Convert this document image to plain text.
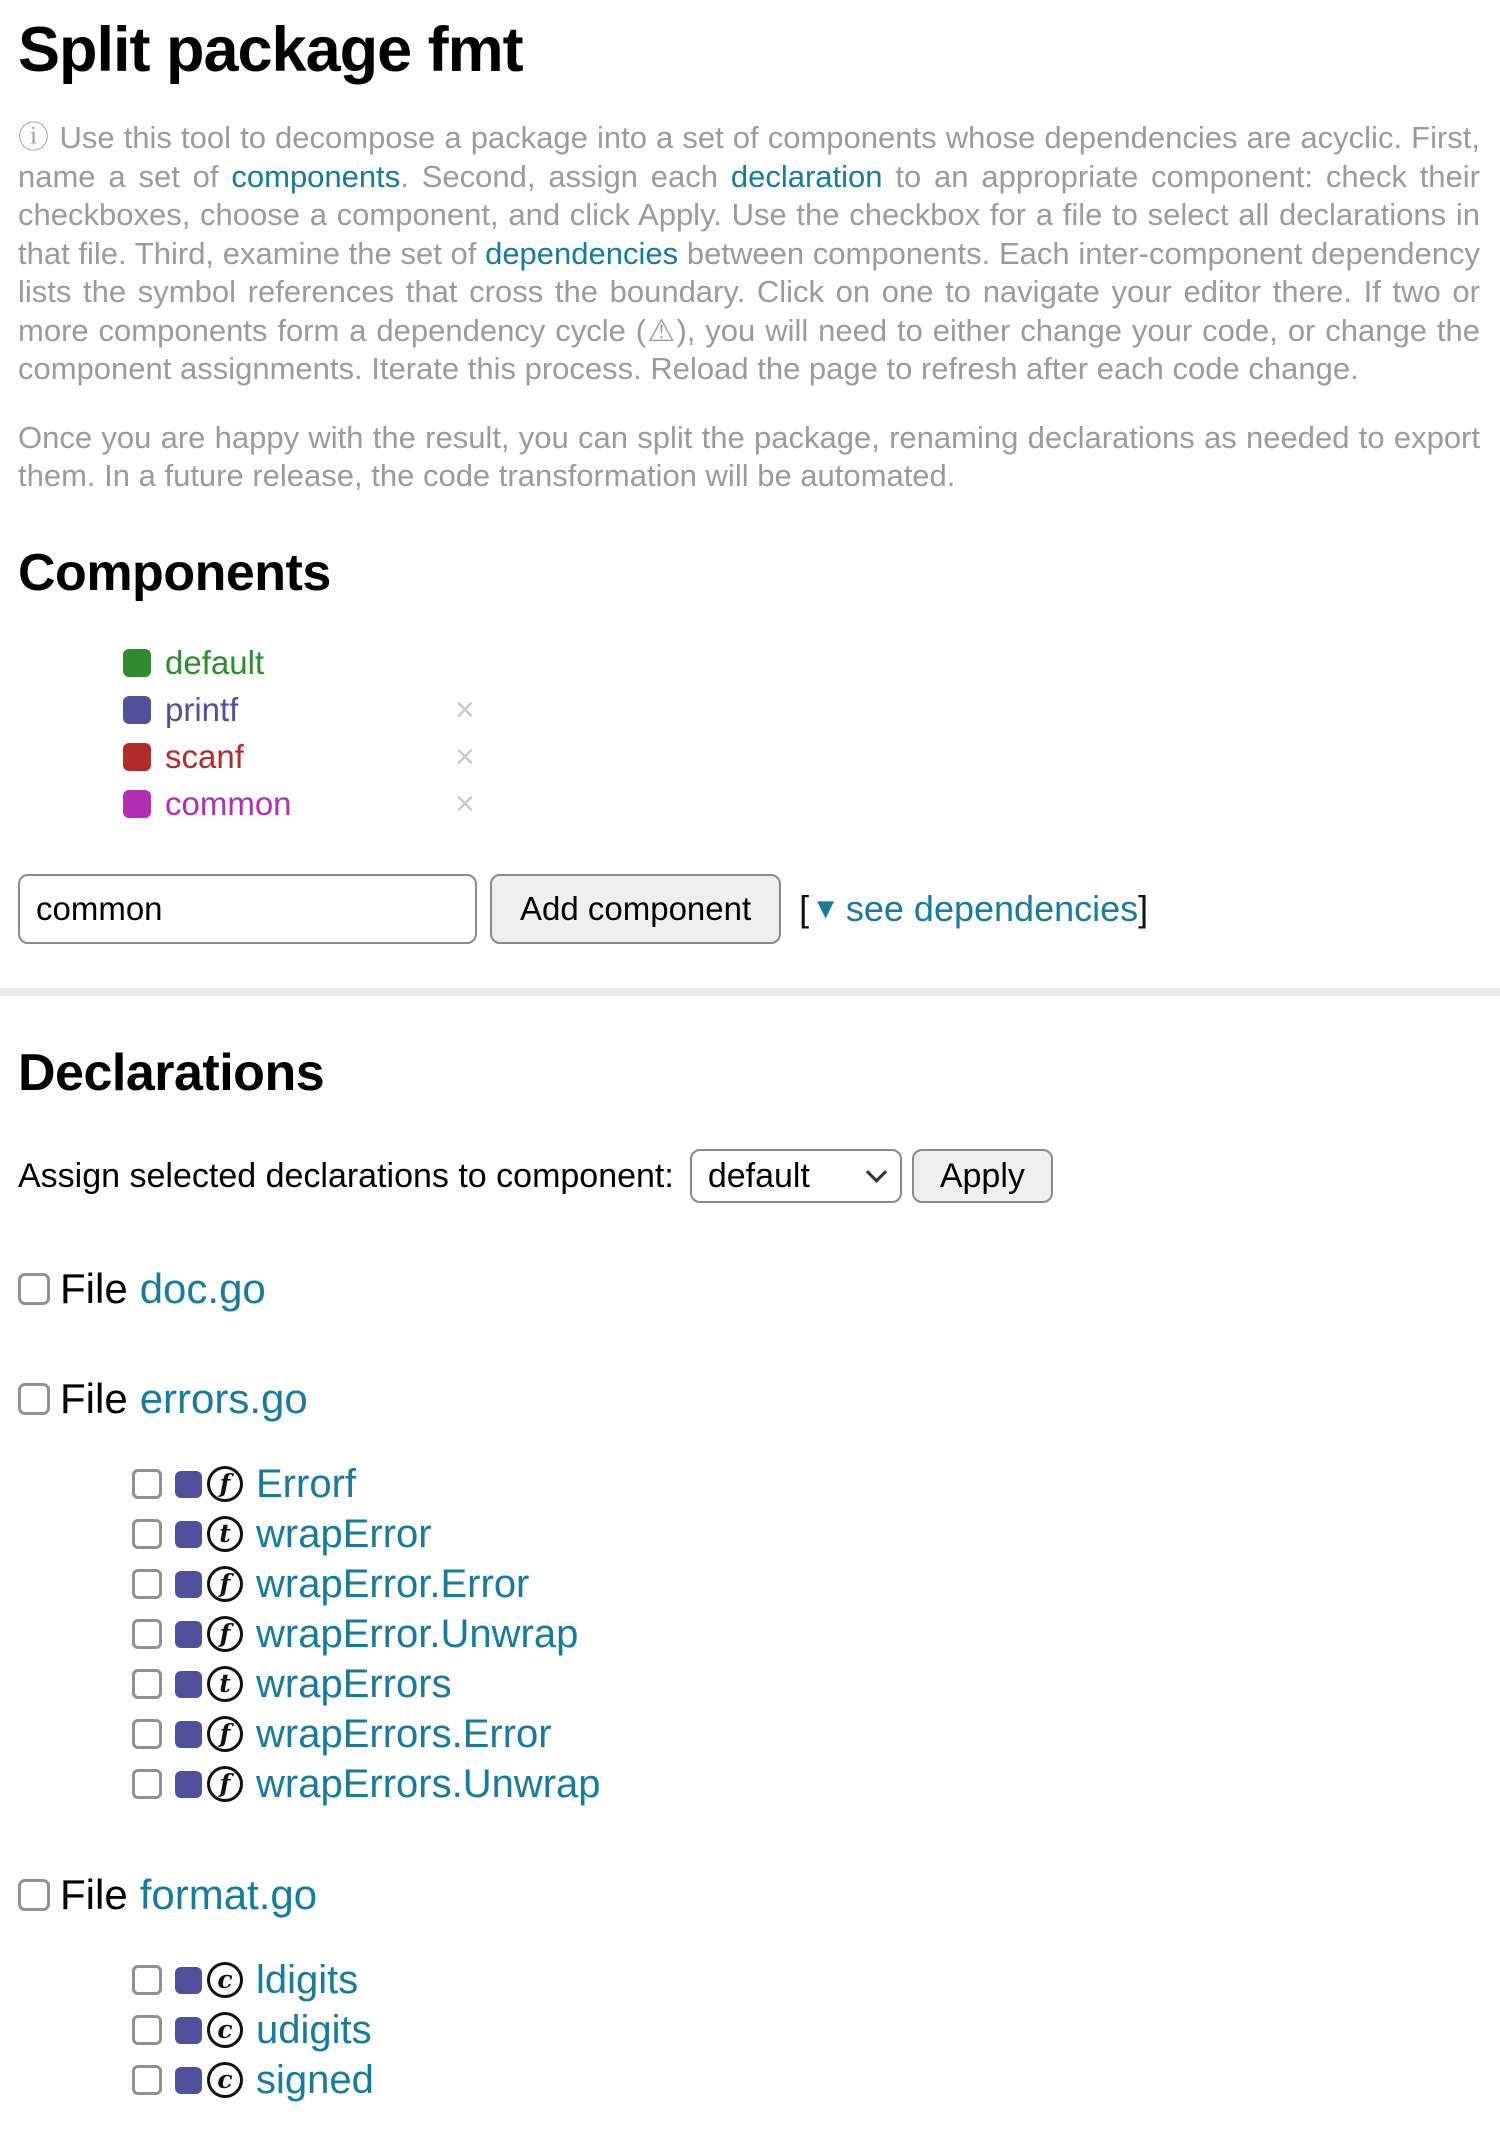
Split package fmt

ⓘ Use this tool to decompose a package into a set of components whose dependencies are acyclic. First, name a set of components. Second, assign each declaration to an appropriate component: check their checkboxes, choose a component, and click Apply. Use the checkbox for a file to select all declarations in that file. Third, examine the set of dependencies between components. Each inter-component dependency lists the symbol references that cross the boundary. Click on one to navigate your editor there. If two or more components form a dependency cycle (⚠), you will need to either change your code, or change the component assignments. Iterate this process. Reload the page to refresh after each code change.

Once you are happy with the result, you can split the package, renaming declarations as needed to export them. In a future release, the code transformation will be automated.

Components
default
printf	×
scanf	×
common	×
common
Add component	[ ▼ see dependencies ]
Declarations
Assign selected declarations to component: default	Apply
File doc.go
File errors.go
f Errorf
t wrapError
f wrapError.Error
f wrapError.Unwrap
t wrapErrors
f wrapErrors.Error
f wrapErrors.Unwrap
File format.go
c ldigits
c udigits
c signed
